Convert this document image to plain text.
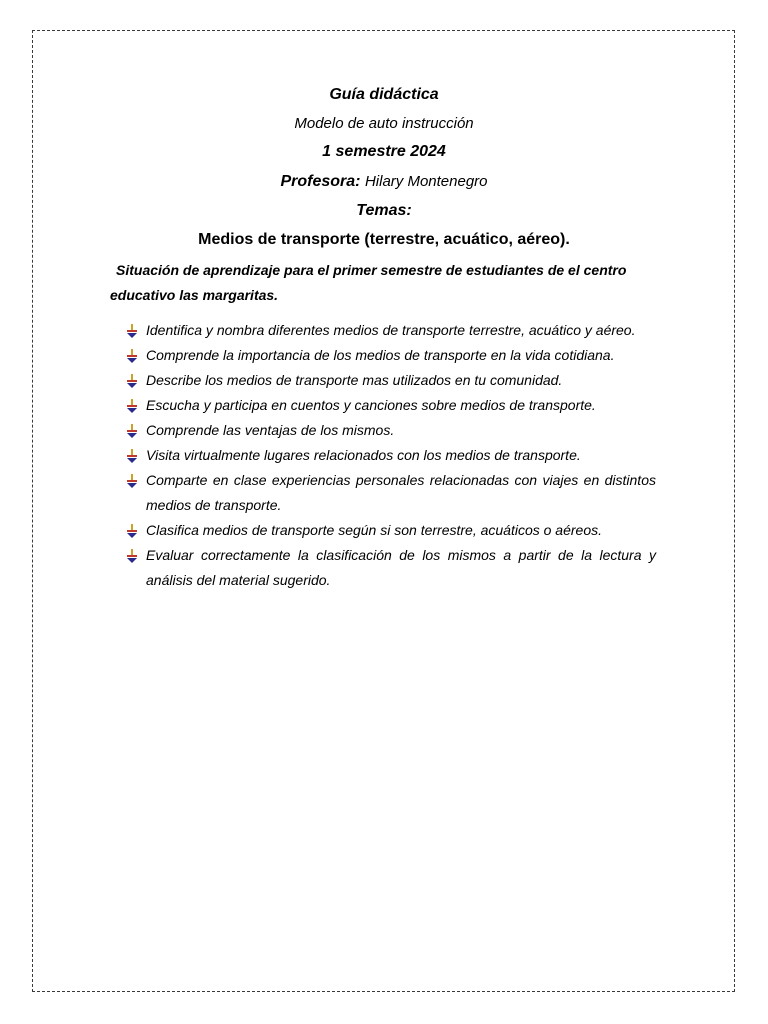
Guía didáctica
Modelo de auto instrucción
1 semestre 2024
Profesora: Hilary Montenegro
Temas:
Medios de transporte (terrestre, acuático, aéreo).
Situación de aprendizaje para el primer semestre de estudiantes de el centro educativo las margaritas.
Identifica y nombra diferentes medios de transporte terrestre, acuático y aéreo.
Comprende la importancia de los medios de transporte en la vida cotidiana.
Describe los medios de transporte mas utilizados en tu comunidad.
Escucha y participa en cuentos y canciones sobre medios de transporte.
Comprende las ventajas de los mismos.
Visita virtualmente lugares relacionados con los medios de transporte.
Comparte en clase experiencias personales relacionadas con viajes en distintos medios de transporte.
Clasifica medios de transporte según si son terrestre, acuáticos o aéreos.
Evaluar correctamente la clasificación de los mismos a partir de la lectura y análisis del material sugerido.
